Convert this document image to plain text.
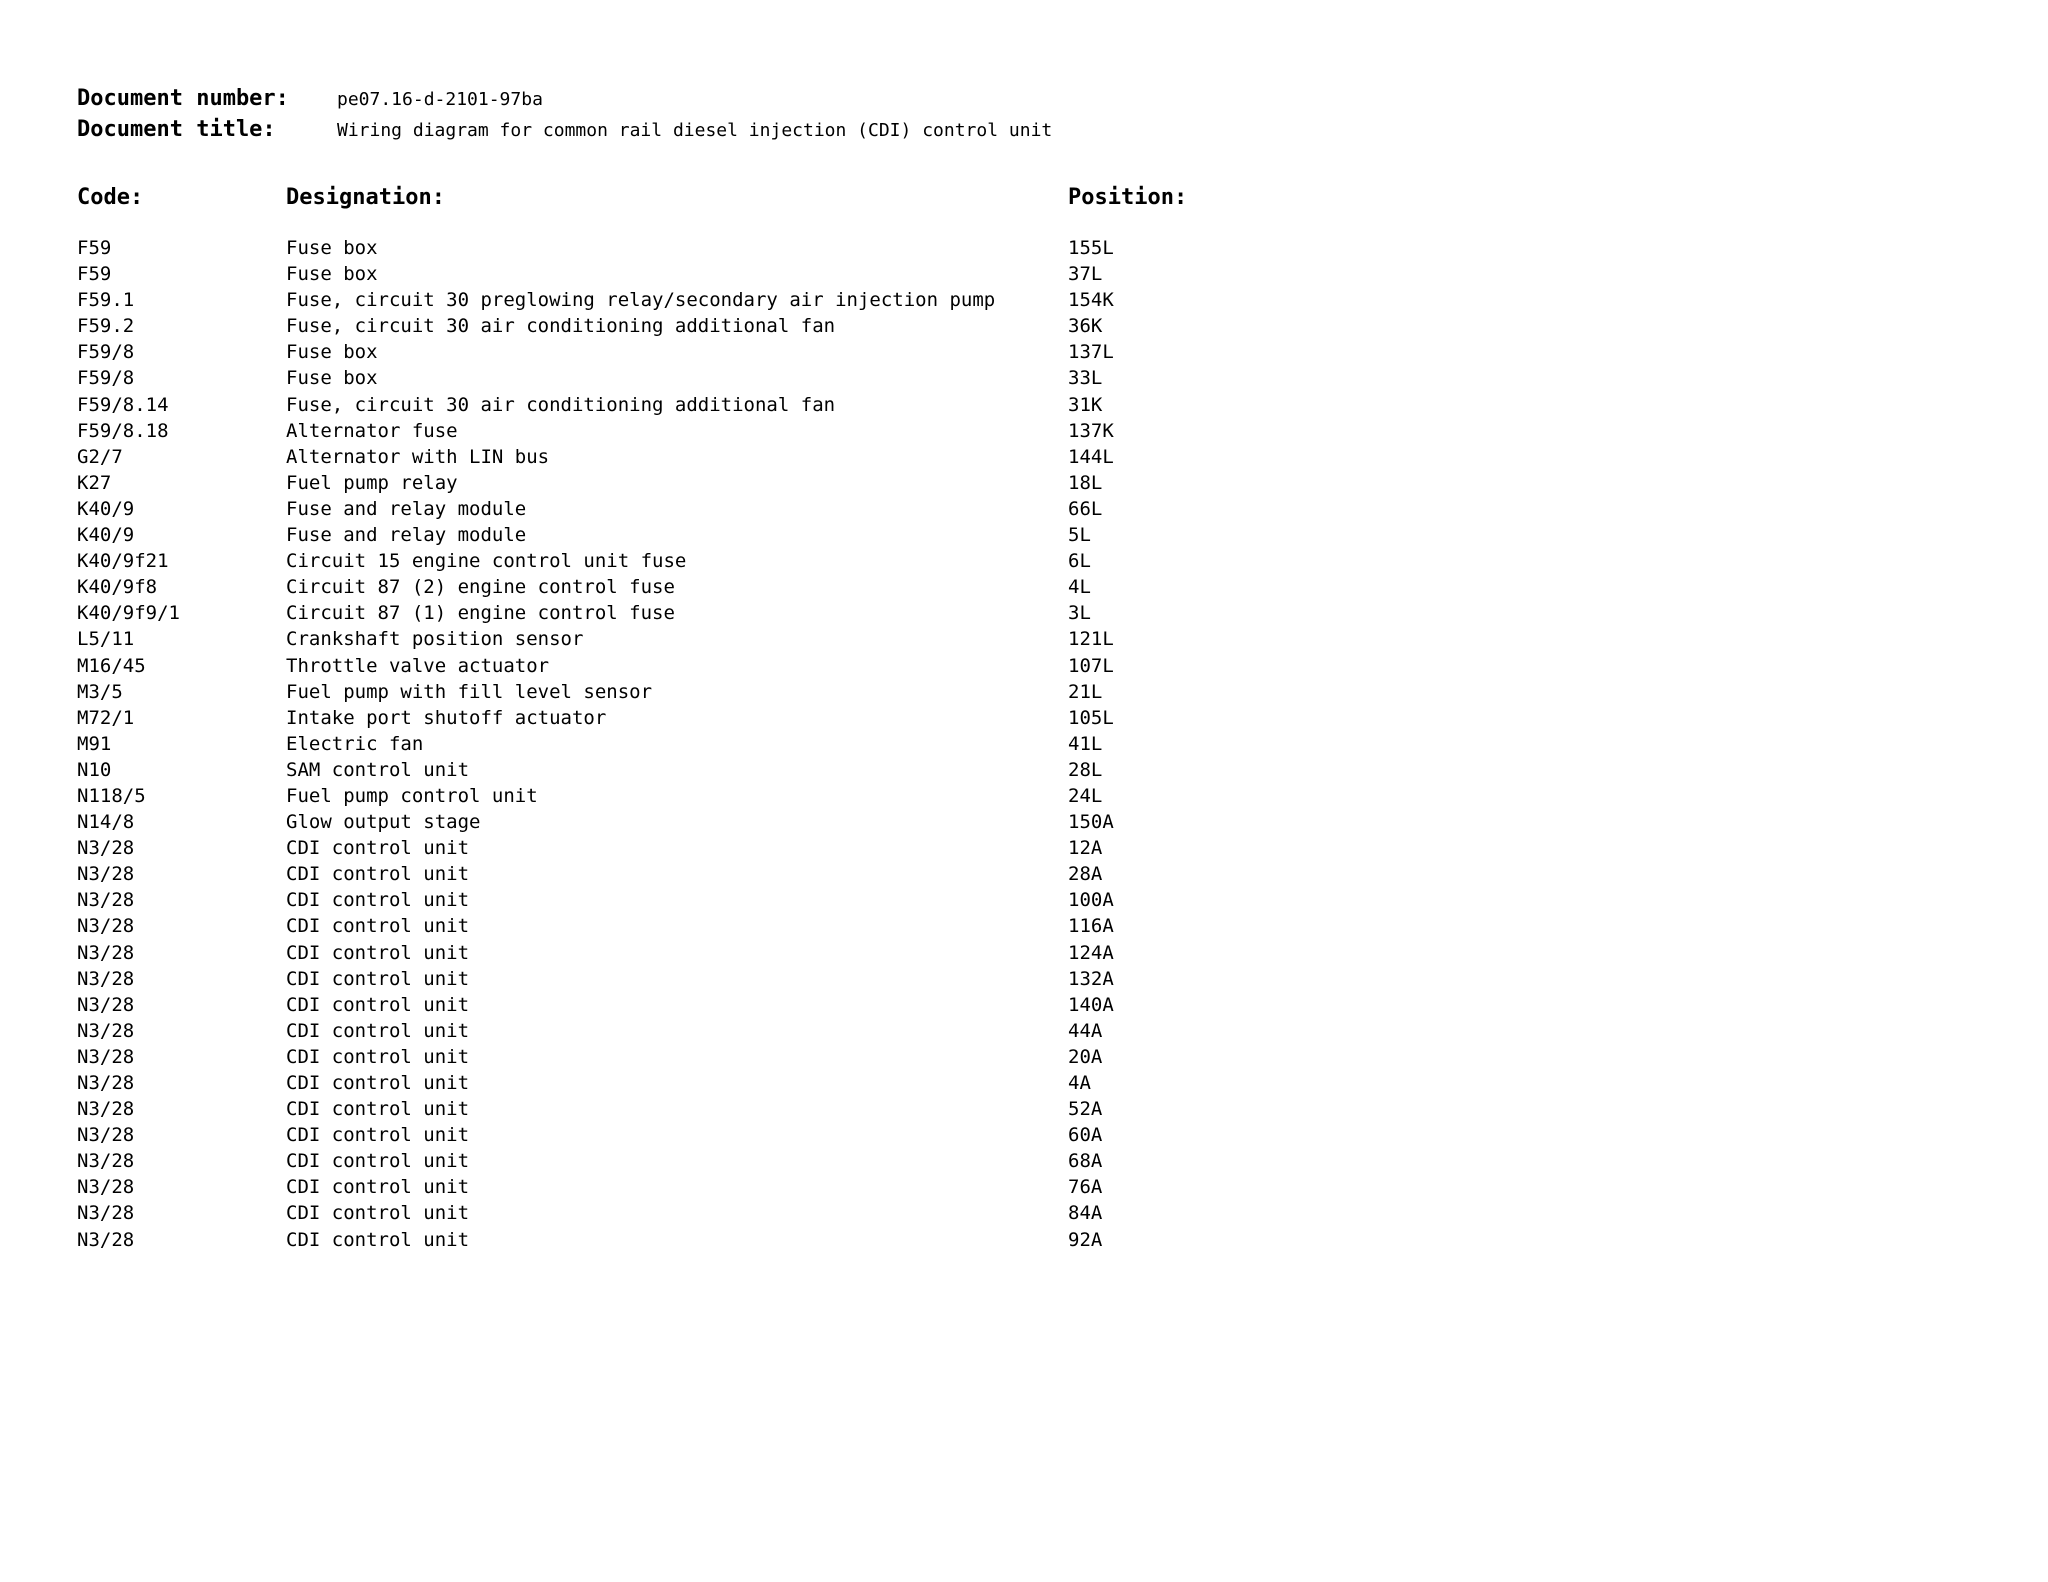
Document number:	pe07.16-d-2101-97ba
Document title:	Wiring diagram for common rail diesel injection (CDI) control unit
Code:	Designation:	Position:
F59	Fuse box	155L
F59	Fuse box	37L
F59.1	Fuse, circuit 30 preglowing relay/secondary air injection pump	154K
F59.2	Fuse, circuit 30 air conditioning additional fan	36K
F59/8	Fuse box	137L
F59/8	Fuse box	33L
F59/8.14	Fuse, circuit 30 air conditioning additional fan	31K
F59/8.18	Alternator fuse	137K
G2/7	Alternator with LIN bus	144L
K27	Fuel pump relay	18L
K40/9	Fuse and relay module	66L
K40/9	Fuse and relay module	5L
K40/9f21	Circuit 15 engine control unit fuse	6L
K40/9f8	Circuit 87 (2) engine control fuse	4L
K40/9f9/1	Circuit 87 (1) engine control fuse	3L
L5/11	Crankshaft position sensor	121L
M16/45	Throttle valve actuator	107L
M3/5	Fuel pump with fill level sensor	21L
M72/1	Intake port shutoff actuator	105L
M91	Electric fan	41L
N10	SAM control unit	28L
N118/5	Fuel pump control unit	24L
N14/8	Glow output stage	150A
N3/28	CDI control unit	12A
N3/28	CDI control unit	28A
N3/28	CDI control unit	100A
N3/28	CDI control unit	116A
N3/28	CDI control unit	124A
N3/28	CDI control unit	132A
N3/28	CDI control unit	140A
N3/28	CDI control unit	44A
N3/28	CDI control unit	20A
N3/28	CDI control unit	4A
N3/28	CDI control unit	52A
N3/28	CDI control unit	60A
N3/28	CDI control unit	68A
N3/28	CDI control unit	76A
N3/28	CDI control unit	84A
N3/28	CDI control unit	92A
